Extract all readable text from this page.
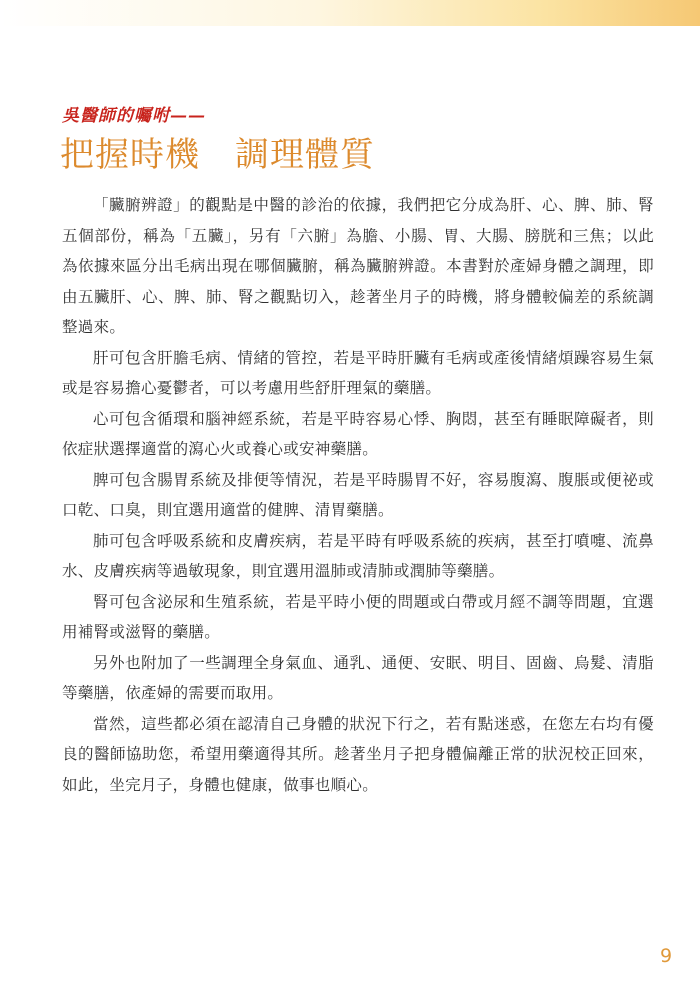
吳醫師的囑咐——
把握時機　調理體質

「臟腑辨證」的觀點是中醫的診治的依據，我們把它分成為肝、心、脾、肺、腎五個部份，稱為「五臟」，另有「六腑」為膽、小腸、胃、大腸、膀胱和三焦；以此為依據來區分出毛病出現在哪個臟腑，稱為臟腑辨證。本書對於產婦身體之調理，即由五臟肝、心、脾、肺、腎之觀點切入，趁著坐月子的時機，將身體較偏差的系統調整過來。

肝可包含肝膽毛病、情緒的管控，若是平時肝臟有毛病或產後情緒煩躁容易生氣或是容易擔心憂鬱者，可以考慮用些舒肝理氣的藥膳。

心可包含循環和腦神經系統，若是平時容易心悸、胸悶，甚至有睡眠障礙者，則依症狀選擇適當的瀉心火或養心或安神藥膳。

脾可包含腸胃系統及排便等情況，若是平時腸胃不好，容易腹瀉、腹脹或便祕或口乾、口臭，則宜選用適當的健脾、清胃藥膳。

肺可包含呼吸系統和皮膚疾病，若是平時有呼吸系統的疾病，甚至打噴嚏、流鼻水、皮膚疾病等過敏現象，則宜選用溫肺或清肺或潤肺等藥膳。

腎可包含泌尿和生殖系統，若是平時小便的問題或白帶或月經不調等問題，宜選用補腎或滋腎的藥膳。

另外也附加了一些調理全身氣血、通乳、通便、安眠、明目、固齒、烏髮、清脂等藥膳，依產婦的需要而取用。

當然，這些都必須在認清自己身體的狀況下行之，若有點迷惑，在您左右均有優良的醫師協助您，希望用藥適得其所。趁著坐月子把身體偏離正常的狀況校正回來，如此，坐完月子，身體也健康，做事也順心。

9
